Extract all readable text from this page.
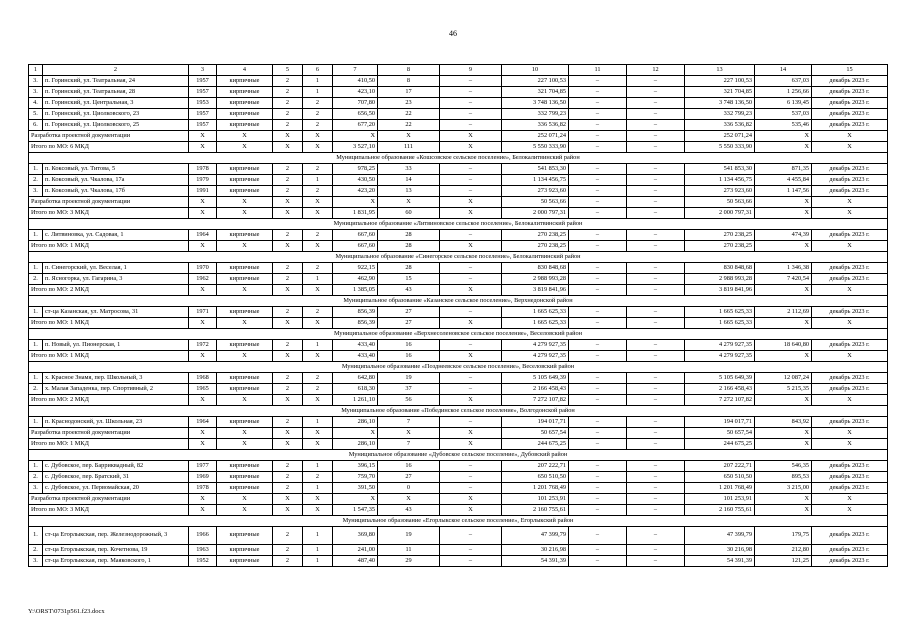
46
1	2	3	4	5	6	7	8	9	10	11	12	13	14	15
3.	п. Горинский, ул. Театральная, 24	1957	кирпичные	2	1	410,50	8	–	227 100,53	–	–	227 100,53	637,03	декабрь 2023 г.
3.	п. Горинский, ул. Театральная, 28	1957	кирпичные	2	1	423,10	17	–	321 704,85	–	–	321 704,85	1 256,66	декабрь 2023 г.
4.	п. Горинский, ул. Центральная, 3	1953	кирпичные	2	2	707,80	23	–	3 748 136,50	–	–	3 748 136,50	6 139,45	декабрь 2023 г.
5.	п. Горинский, ул. Циолковского, 23	1957	кирпичные	2	2	656,50	22	–	332 799,23	–	–	332 799,23	537,03	декабрь 2023 г.
6.	п. Горинский, ул. Циолковского, 25	1957	кирпичные	2	2	677,20	22	–	336 536,82	–	–	336 536,82	535,46	декабрь 2023 г.
Разработка проектной документации		X	X	X	X	X	X	X	252 071,24	–	–	252 071,24	X	X
Итого по МО: 6 МКД		X	X	X	X	3 527,10	111	X	5 550 333,90	–	–	5 550 333,90	X	X
Муниципальное образование «Кошсовское сельское поселение», Белокалитвинский район														
1.	п. Коксовый, ул. Титова, 5	1978	кирпичные	2	2	978,25	33	–	541 853,30	–	–	541 853,30	871,35	декабрь 2023 г.
2.	п. Коксовый, ул. Чкалова, 17а	1979	кирпичные	2	1	430,50	14	–	1 134 456,75	–	–	1 134 456,75	4 455,84	декабрь 2023 г.
3.	п. Коксовый, ул. Чкалова, 17б	1991	кирпичные	2	2	423,20	13	–	273 923,60	–	–	273 923,60	1 147,56	декабрь 2023 г.
Разработка проектной документации		X	X	X	X	X	X	X	50 563,66	–	–	50 563,66	X	X
Итого по МО: 3 МКД		X	X	X	X	1 831,95	60	X	2 000 797,31	–	–	2 000 797,31	X	X
Муниципальное образование «Литвиновское сельское поселение», Белокалитвинский район														
1.	с. Литвиновка, ул. Садовая, 1	1964	кирпичные	2	2	667,60	28	–	270 238,25	–	–	270 238,25	474,39	декабрь 2023 г.
Итого по МО: 1 МКД		X	X	X	X	667,60	28	X	270 238,25	–	–	270 238,25	X	X
Муниципальное образование «Синегорское сельское поселение», Белокалитвинский район														
1.	п. Синегорский, ул. Веселая, 1	1970	кирпичные	2	2	922,15	28	–	830 848,68	–	–	830 848,68	1 346,38	декабрь 2023 г.
2.	п. Ясногорка, ул. Гагарина, 3	1962	кирпичные	2	1	462,90	15	–	2 988 993,28	–	–	2 988 993,28	7 420,54	декабрь 2023 г.
Итого по МО: 2 МКД		X	X	X	X	1 385,05	43	X	3 819 841,96	–	–	3 819 841,96	X	X
Муниципальное образование «Казанское сельское поселение», Верхнедонской район														
1.	ст-ца Казанская, ул. Матросова, 31	1971	кирпичные	2	2	856,39	27	–	1 665 625,33	–	–	1 665 625,33	2 112,69	декабрь 2023 г.
Итого по МО: 1 МКД		X	X	X	X	856,39	27	X	1 665 625,33	–	–	1 665 625,33	X	X
Муниципальное образование «Верхнесоленовское сельское поселение», Веселовский район														
1.	п. Новый, ул. Пионерская, 1	1972	кирпичные	2	1	433,40	16	–	4 279 927,35	–	–	4 279 927,35	18 640,80	декабрь 2023 г.
Итого по МО: 1 МКД		X	X	X	X	433,40	16	X	4 279 927,35	–	–	4 279 927,35	X	X
Муниципальное образование «Позднеевское сельское поселение», Веселовский район														
1.	х. Красное Знамя, пер. Школьный, 3	1968	кирпичные	2	2	642,80	19	–	5 105 649,39	–	–	5 105 649,39	12 087,24	декабрь 2023 г.
2.	х. Малая Западенка, пер. Спортивный, 2	1965	кирпичные	2	2	618,30	37	–	2 166 458,43	–	–	2 166 458,43	5 215,35	декабрь 2023 г.
Итого по МО: 2 МКД		X	X	X	X	1 261,10	56	X	7 272 107,82	–	–	7 272 107,82	X	X
Муниципальное образование «Побединское сельское поселение», Волгодонской район														
1.	п. Краснодонский, ул. Школьная, 23	1964	кирпичные	2	1	286,10	7	–	194 017,71	–	–	194 017,71	843,92	декабрь 2023 г.
Разработка проектной документации		X	X	X	X	X	X	X	50 657,54	–	–	50 657,54	X	X
Итого по МО: 1 МКД		X	X	X	X	286,10	7	X	244 675,25	–	–	244 675,25	X	X
Муниципальное образование «Дубовское сельское поселение», Дубовский район														
1.	с. Дубовское, пер. Барриквадный, 82	1977	кирпичные	2	1	396,15	16	–	207 222,71	–	–	207 222,71	546,35	декабрь 2023 г.
2.	с. Дубовское, пер. Братский, 31	1969	кирпичные	2	2	759,70	27	–	650 510,50	–	–	650 510,50	895,53	декабрь 2023 г.
3.	с. Дубовское, ул. Первомайская, 20	1978	кирпичные	2	1	391,50	0	–	1 201 768,49	–	–	1 201 768,49	3 215,00	декабрь 2023 г.
Разработка проектной документации		X	X	X	X	X	X	X	101 253,91	–	–	101 253,91	X	X
Итого по МО: 3 МКД		X	X	X	X	1 547,35	43	X	2 160 755,61	–	–	2 160 755,61	X	X
Муниципальное образование «Егорлыкское сельское поселение», Егорлыкский район														
1.	ст-ца Егорлыкская, пер. Железнодорожный, 3	1966	кирпичные	2	1	369,80	19	–	47 399,79	–	–	47 399,79	179,75	декабрь 2023 г.
2.	ст-ца Егорлыкская, пер. Кочетнова, 19	1963	кирпичные	2	1	241,00	11	–	30 216,98	–	–	30 216,98	212,80	декабрь 2023 г.
3.	ст-ца Егорлыкская, пер. Маяковского, 1	1952	кирпичные	2	1	487,40	29	–	54 391,39	–	–	54 391,39	121,25	декабрь 2023 г.
Y:\ORST\0731p561.f23.docx
